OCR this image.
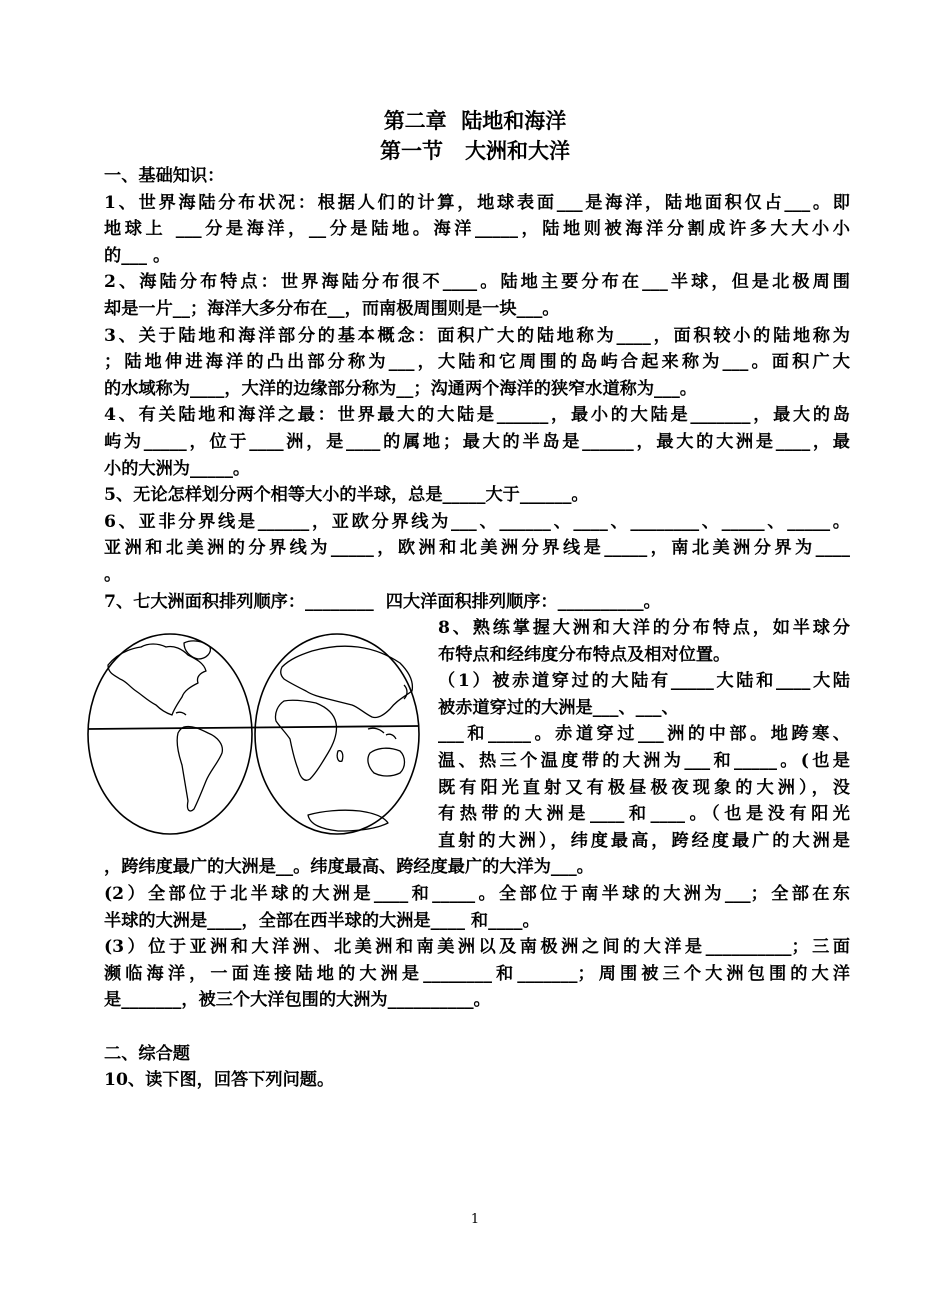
第二章  陆地和海洋
第一节   大洲和大洋
一、基础知识：
1、世界海陆分布状况：根据人们的计算，地球表面___是海洋，陆地面积仅占___。即
地球上 ___分是海洋，__分是陆地。海洋_____，陆地则被海洋分割成许多大大小小
的___ 。
2、海陆分布特点：世界海陆分布很不____。陆地主要分布在___半球，但是北极周围
却是一片__；海洋大多分布在__，而南极周围则是一块___。
3、关于陆地和海洋部分的基本概念：面积广大的陆地称为____，面积较小的陆地称为
；陆地伸进海洋的凸出部分称为___，大陆和它周围的岛屿合起来称为___。面积广大
的水域称为____，大洋的边缘部分称为__；沟通两个海洋的狭窄水道称为___。
4、有关陆地和海洋之最：世界最大的大陆是______，最小的大陆是_______，最大的岛
屿为_____，位于____洲，是____的属地；最大的半岛是______，最大的大洲是____，最
小的大洲为_____。
5、无论怎样划分两个相等大小的半球，总是_____大于______。
6、亚非分界线是______，亚欧分界线为___、______、____、________、_____、_____。
亚洲和北美洲的分界线为_____，欧洲和北美洲分界线是_____，南北美洲分界为____
。
7、七大洲面积排列顺序：________  四大洋面积排列顺序：__________。
8、熟练掌握大洲和大洋的分布特点，如半球分
布特点和经纬度分布特点及相对位置。
（1）被赤道穿过的大陆有_____大陆和____大陆
被赤道穿过的大洲是___、___、
___和_____。赤道穿过___洲的中部。地跨寒、
温、热三个温度带的大洲为___和_____。(也是
既有阳光直射又有极昼极夜现象的大洲），没
有热带的大洲是____和____。（也是没有阳光
直射的大洲），纬度最高，跨经度最广的大洲是
，跨纬度最广的大洲是__。纬度最高、跨经度最广的大洋为___。
(2）全部位于北半球的大洲是____和_____。全部位于南半球的大洲为___；全部在东
半球的大洲是____，全部在西半球的大洲是____ 和____。
(3）位于亚洲和大洋洲、北美洲和南美洲以及南极洲之间的大洋是__________；三面
濒临海洋，一面连接陆地的大洲是________和_______；周围被三个大洲包围的大洋
是_______，被三个大洋包围的大洲为__________。
二、综合题
10、读下图，回答下列问题。
1
